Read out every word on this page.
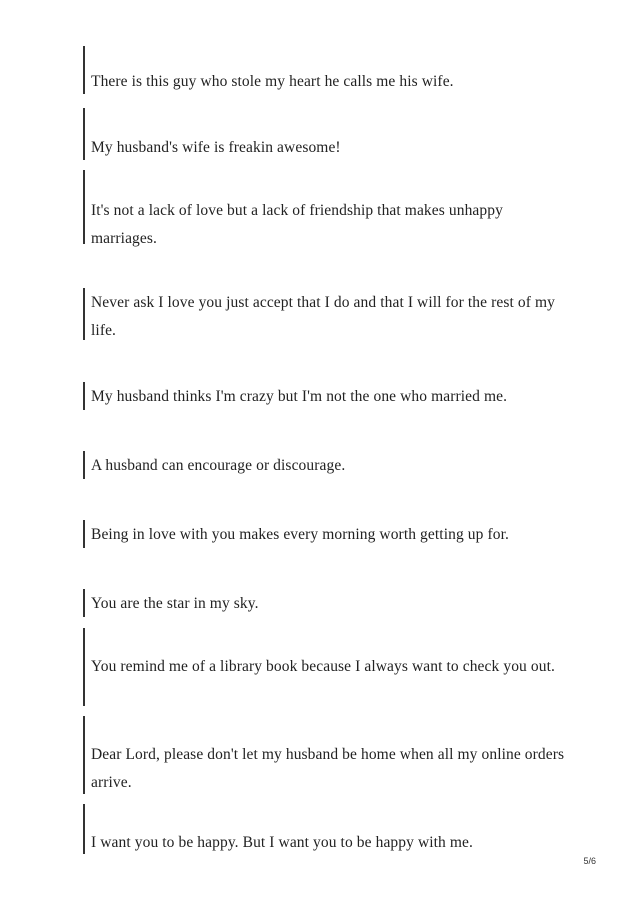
There is this guy who stole my heart he calls me his wife.
My husband's wife is freakin awesome!
It's not a lack of love but a lack of friendship that makes unhappy marriages.
Never ask I love you just accept that I do and that I will for the rest of my life.
My husband thinks I'm crazy but I'm not the one who married me.
A husband can encourage or discourage.
Being in love with you makes every morning worth getting up for.
You are the star in my sky.
You remind me of a library book because I always want to check you out.
Dear Lord, please don't let my husband be home when all my online orders arrive.
I want you to be happy. But I want you to be happy with me.
5/6
